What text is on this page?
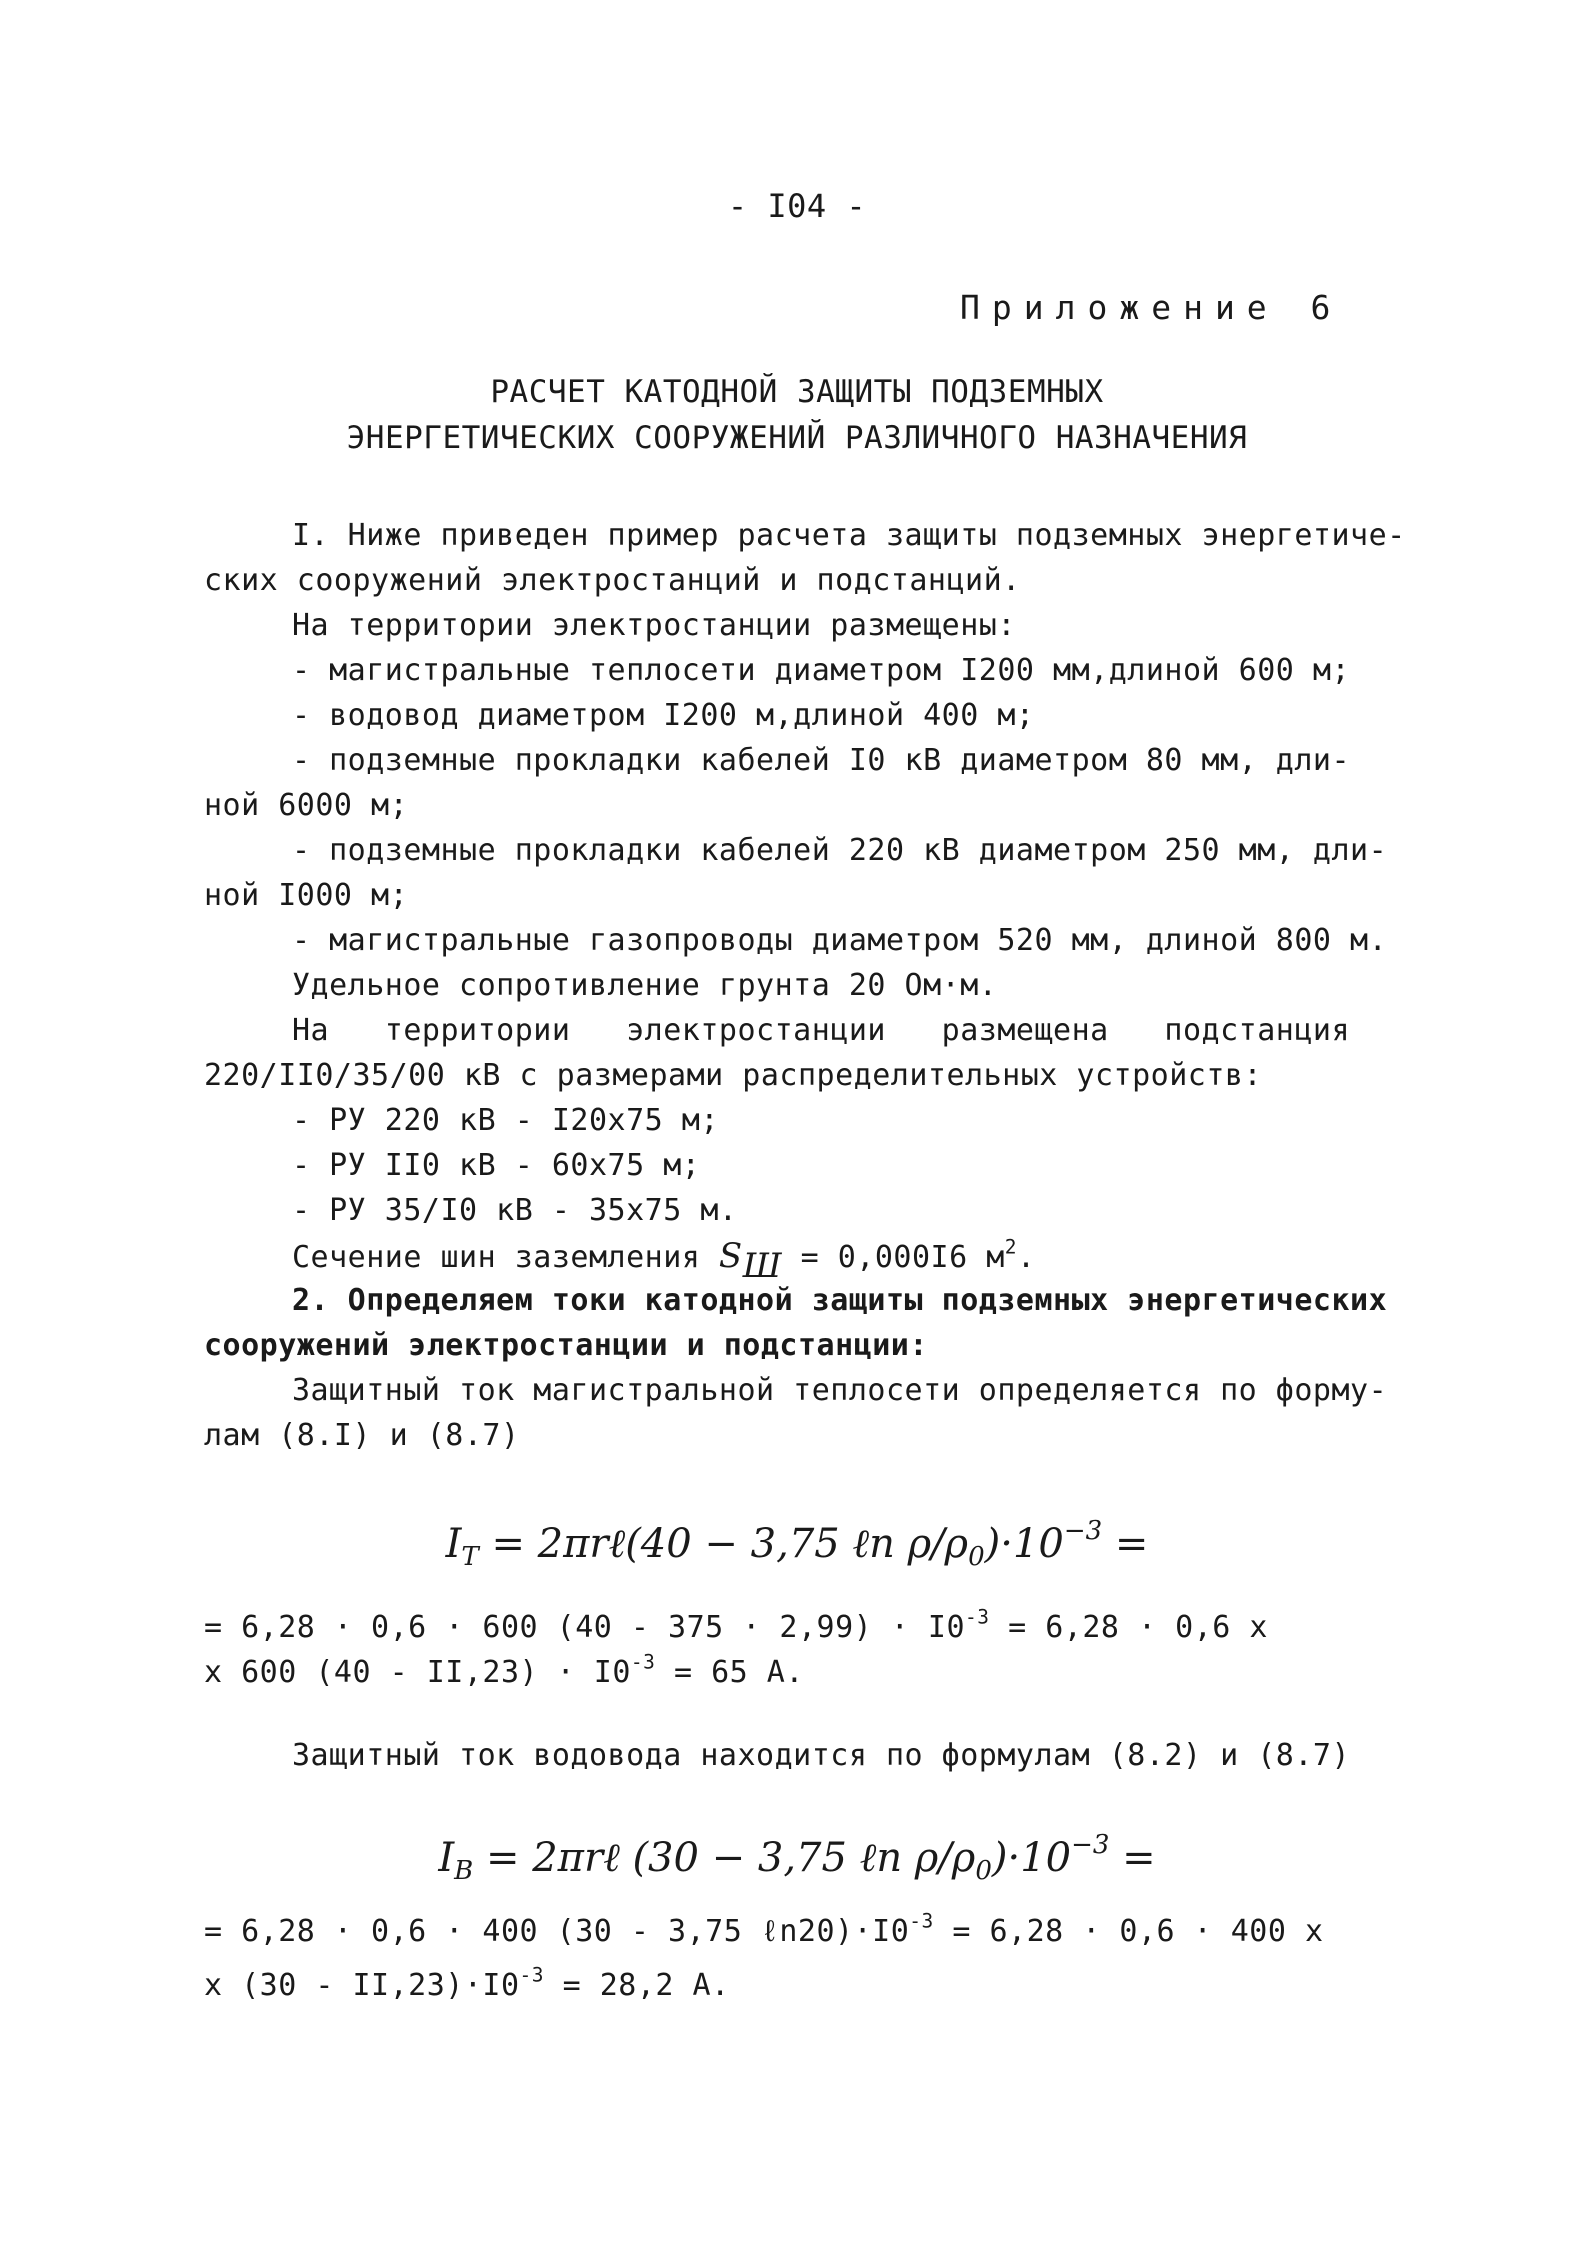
- I04 -

Приложение 6

РАСЧЕТ КАТОДНОЙ ЗАЩИТЫ ПОДЗЕМНЫХ

ЭНЕРГЕТИЧЕСКИХ СООРУЖЕНИЙ РАЗЛИЧНОГО НАЗНАЧЕНИЯ

I. Ниже приведен пример расчета защиты подземных энергетиче-

ских сооружений электростанций и подстанций.

На территории электростанции размещены:

- магистральные теплосети диаметром I200 мм,длиной 600 м;

- водовод диаметром I200 м,длиной 400 м;

- подземные прокладки кабелей I0 кВ диаметром 80 мм, дли-

ной 6000 м;

- подземные прокладки кабелей 220 кВ диаметром 250 мм, дли-

ной I000 м;

- магистральные газопроводы диаметром 520 мм, длиной 800 м.

Удельное сопротивление грунта 20 Ом·м.

На   территории   электростанции   размещена   подстанция

220/II0/35/00 кВ с размерами распределительных устройств:

- РУ 220 кВ - I20x75 м;

- РУ II0 кВ - 60x75 м;

- РУ 35/I0 кВ - 35x75 м.

Сечение шин заземления $S_Ш = 0,000I6$ $м^2$.

2. Определяем токи катодной защиты подземных энергетических

сооружений электростанции и подстанции:

Защитный ток магистральной теплосети определяется по форму-

лам (8.I) и (8.7)

$I_Т$ = 2πrℓ(40 − 3,75 ℓn $\rho/\rho_0)\cdot 10^{-3}$ =

= 6,28 · 0,6 · 600 $(40 - 375 \cdot 2,99) \cdot I0^{-3} = 6,28 \cdot 0,6$ x

x 600 $(40 - II,23) \cdot I0^{-3} = 65$ А.

Защитный ток водовода находится по формулам (8.2) и (8.7)

$I_В$ = 2πrℓ (30 − 3,75 ℓn $\rho/\rho_0)\cdot 10^{-3}$ =

= 6,28 · 0,6 · 400 (30 - 3,75 $\ell n20)\cdot I0^{-3} = 6,28 \cdot 0,6 \cdot 400$ x

x $(30 - II,23)\cdot I0^{-3} = 28,2$ А.
